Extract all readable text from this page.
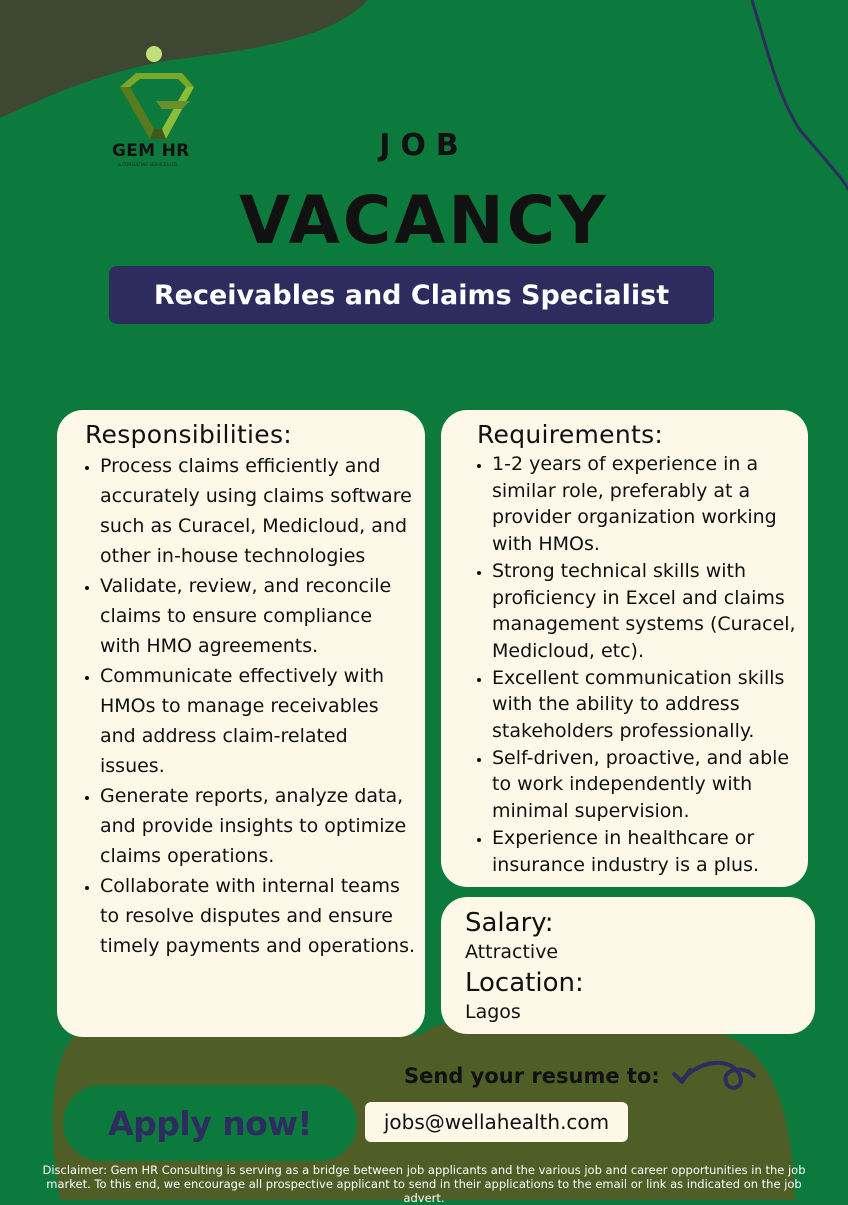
GEM HR
& CONSULTING SERVICES LTD.
JOB
VACANCY
Receivables and Claims Specialist
Responsibilities:
• Process claims efficiently and accurately using claims software such as Curacel, Medicloud, and other in-house technologies
• Validate, review, and reconcile claims to ensure compliance with HMO agreements.
• Communicate effectively with HMOs to manage receivables and address claim-related issues.
• Generate reports, analyze data, and provide insights to optimize claims operations.
• Collaborate with internal teams to resolve disputes and ensure timely payments and operations.
Requirements:
• 1-2 years of experience in a similar role, preferably at a provider organization working with HMOs.
• Strong technical skills with proficiency in Excel and claims management systems (Curacel, Medicloud, etc).
• Excellent communication skills with the ability to address stakeholders professionally.
• Self-driven, proactive, and able to work independently with minimal supervision.
• Experience in healthcare or insurance industry is a plus.

Salary:

Attractive

Location:

Lagos

Send your resume to:
jobs@wellahealth.com
Apply now!
Disclaimer: Gem HR Consulting is serving as a bridge between job applicants and the various job and career opportunities in the job market. To this end, we encourage all prospective applicant to send in their applications to the email or link as indicated on the job advert.
